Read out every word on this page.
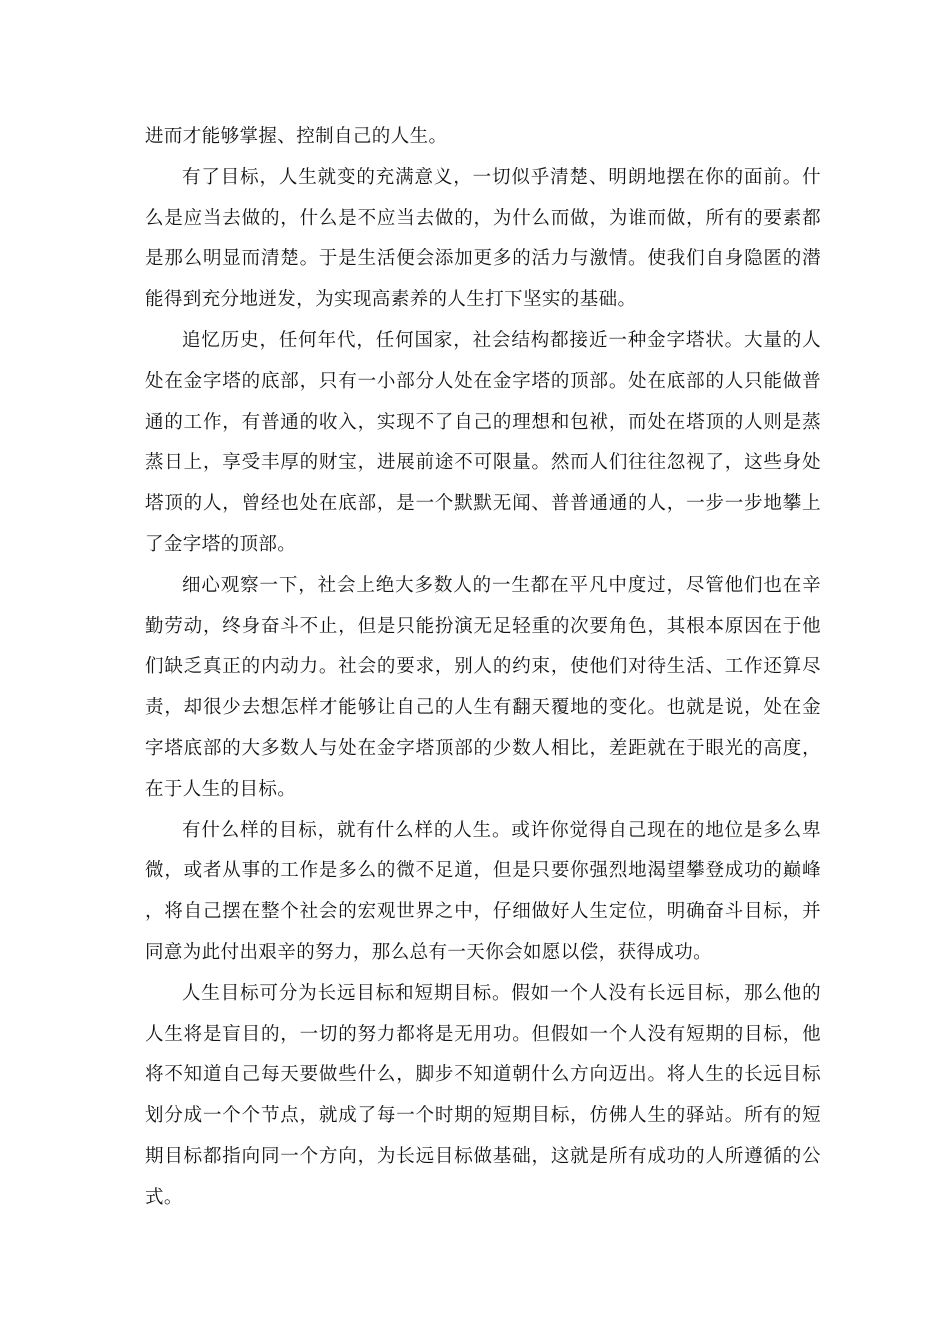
进而才能够掌握、控制自己的人生。

有了目标，人生就变的充满意义，一切似乎清楚、明朗地摆在你的面前。什么是应当去做的，什么是不应当去做的，为什么而做，为谁而做，所有的要素都是那么明显而清楚。于是生活便会添加更多的活力与激情。使我们自身隐匿的潜能得到充分地迸发，为实现高素养的人生打下坚实的基础。

追忆历史，任何年代，任何国家，社会结构都接近一种金字塔状。大量的人处在金字塔的底部，只有一小部分人处在金字塔的顶部。处在底部的人只能做普通的工作，有普通的收入，实现不了自己的理想和包袱，而处在塔顶的人则是蒸蒸日上，享受丰厚的财宝，进展前途不可限量。然而人们往往忽视了，这些身处塔顶的人，曾经也处在底部，是一个默默无闻、普普通通的人，一步一步地攀上了金字塔的顶部。

细心观察一下，社会上绝大多数人的一生都在平凡中度过，尽管他们也在辛勤劳动，终身奋斗不止，但是只能扮演无足轻重的次要角色，其根本原因在于他们缺乏真正的内动力。社会的要求，别人的约束，使他们对待生活、工作还算尽责，却很少去想怎样才能够让自己的人生有翻天覆地的变化。也就是说，处在金字塔底部的大多数人与处在金字塔顶部的少数人相比，差距就在于眼光的高度，在于人生的目标。

有什么样的目标，就有什么样的人生。或许你觉得自己现在的地位是多么卑微，或者从事的工作是多么的微不足道，但是只要你强烈地渴望攀登成功的巅峰，将自己摆在整个社会的宏观世界之中，仔细做好人生定位，明确奋斗目标，并同意为此付出艰辛的努力，那么总有一天你会如愿以偿，获得成功。

人生目标可分为长远目标和短期目标。假如一个人没有长远目标，那么他的人生将是盲目的，一切的努力都将是无用功。但假如一个人没有短期的目标，他将不知道自己每天要做些什么，脚步不知道朝什么方向迈出。将人生的长远目标划分成一个个节点，就成了每一个时期的短期目标，仿佛人生的驿站。所有的短期目标都指向同一个方向，为长远目标做基础，这就是所有成功的人所遵循的公式。
